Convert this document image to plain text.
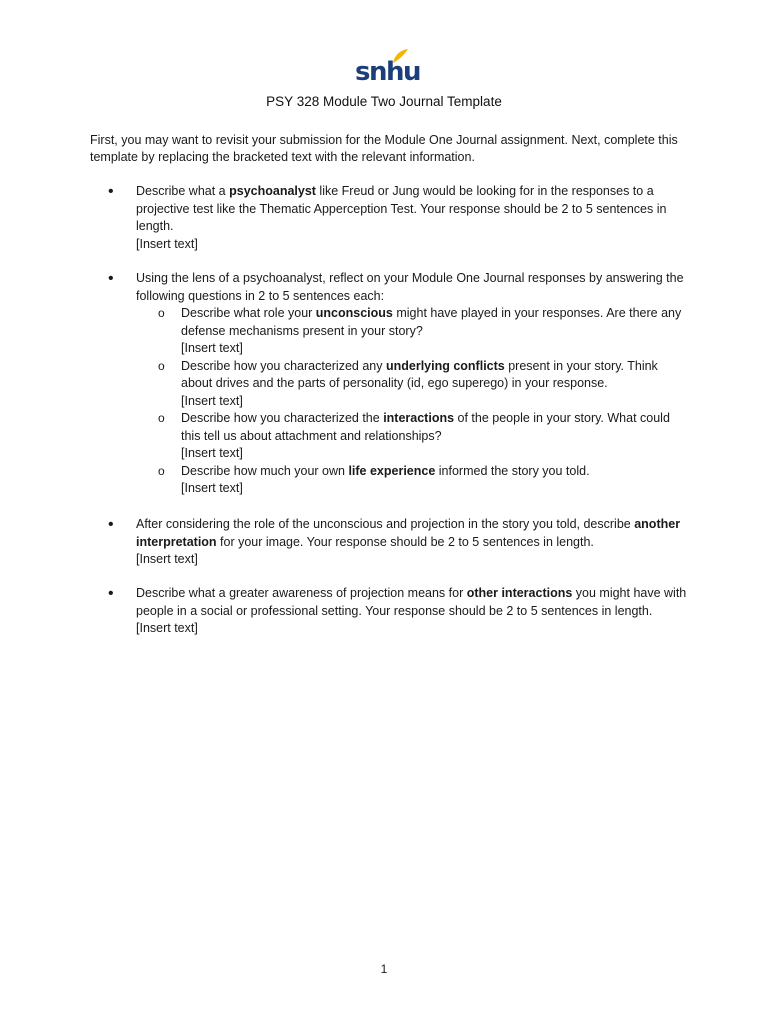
snhu
PSY 328 Module Two Journal Template
First, you may want to revisit your submission for the Module One Journal assignment. Next, complete this template by replacing the bracketed text with the relevant information.
• Describe what a psychoanalyst like Freud or Jung would be looking for in the responses to a projective test like the Thematic Apperception Test. Your response should be 2 to 5 sentences in length.
[Insert text]
• Using the lens of a psychoanalyst, reflect on your Module One Journal responses by answering the following questions in 2 to 5 sentences each:
o Describe what role your unconscious might have played in your responses. Are there any defense mechanisms present in your story?
[Insert text]
o Describe how you characterized any underlying conflicts present in your story. Think about drives and the parts of personality (id, ego superego) in your response.
[Insert text]
o Describe how you characterized the interactions of the people in your story. What could this tell us about attachment and relationships?
[Insert text]
o Describe how much your own life experience informed the story you told.
[Insert text]
• After considering the role of the unconscious and projection in the story you told, describe another interpretation for your image. Your response should be 2 to 5 sentences in length.
[Insert text]
• Describe what a greater awareness of projection means for other interactions you might have with people in a social or professional setting. Your response should be 2 to 5 sentences in length.
[Insert text]
1
